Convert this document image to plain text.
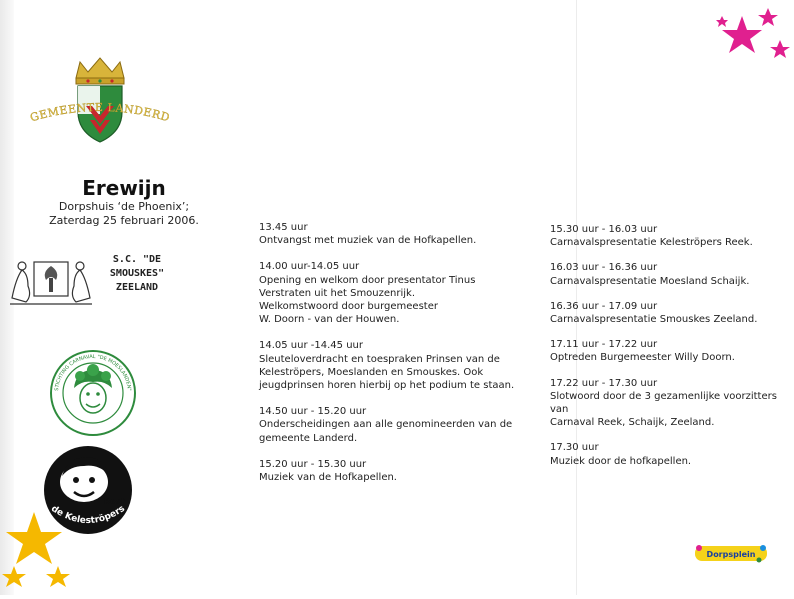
GEMEENTE LANDERD
Erewijn
Dorpshuis ‘de Phoenix’;
Zaterdag 25 februari 2006.
S.C. "DE SMOUSKES"
ZEELAND
STICHTING CARNAVAL "DE MOESLANDEN"
Reek
de Keleströpers
13.45 uur
Ontvangst met muziek van de Hofkapellen.
14.00 uur-14.05 uur
Opening en welkom door presentator Tinus
Verstraten uit het Smouzenrijk.
Welkomstwoord door burgemeester
W. Doorn - van der Houwen.
14.05 uur -14.45 uur
Sleuteloverdracht en toespraken Prinsen van de
Keleströpers, Moeslanden en Smouskes. Ook
jeugdprinsen horen hierbij op het podium te staan.
14.50 uur - 15.20 uur
Onderscheidingen aan alle genomineerden van de
gemeente Landerd.
15.20 uur - 15.30 uur
Muziek van de Hofkapellen.
15.30 uur - 16.03 uur
Carnavalspresentatie Keleströpers Reek.
16.03 uur - 16.36 uur
Carnavalspresentatie Moesland Schaijk.
16.36 uur - 17.09 uur
Carnavalspresentatie Smouskes Zeeland.
17.11 uur - 17.22 uur
Optreden Burgemeester Willy Doorn.
17.22 uur - 17.30 uur
Slotwoord door de 3 gezamenlijke voorzitters van
Carnaval Reek, Schaijk, Zeeland.
17.30 uur
Muziek door de hofkapellen.
Dorpsplein
